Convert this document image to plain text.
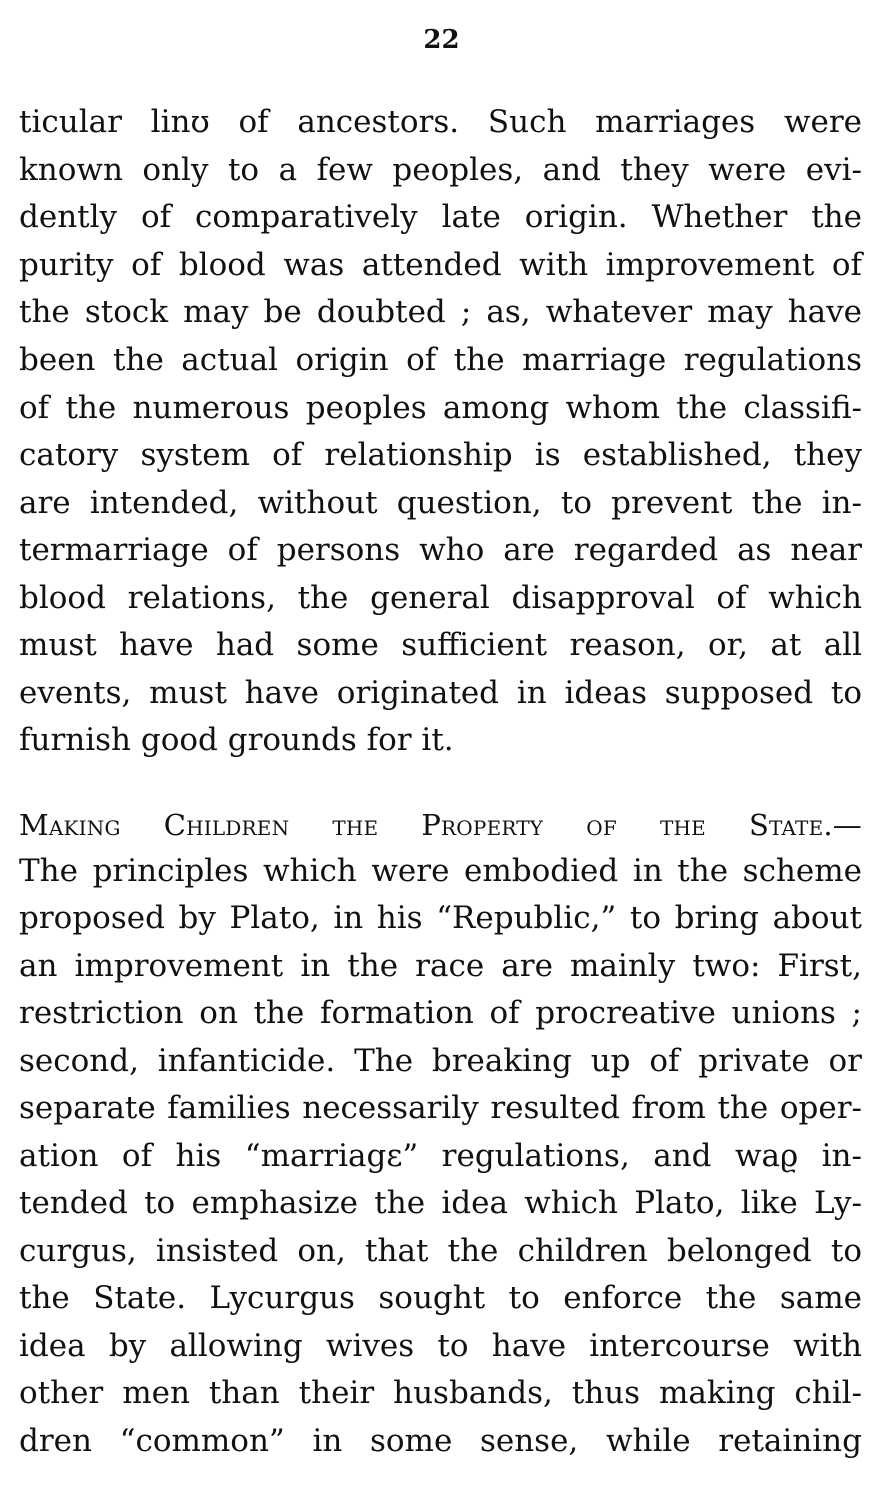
22
ticular linʊ of ancestors. Such marriages were
known only to a few peoples, and they were evi-
dently of comparatively late origin. Whether the
purity of blood was attended with improvement of
the stock may be doubted ; as, whatever may have
been the actual origin of the marriage regulations
of the numerous peoples among whom the classifi-
catory system of relationship is established, they
are intended, without question, to prevent the in-
termarriage of persons who are regarded as near
blood relations, the general disapproval of which
must have had some sufficient reason, or, at all
events, must have originated in ideas supposed to
furnish good grounds for it.
Making Children the Property of the State.—
The principles which were embodied in the scheme
proposed by Plato, in his “Republic,” to bring about
an improvement in the race are mainly two: First,
restriction on the formation of procreative unions ;
second, infanticide. The breaking up of private or
separate families necessarily resulted from the oper-
ation of his “marriagε” regulations, and waϱ in-
tended to emphasize the idea which Plato, like Ly-
curgus, insisted on, that the children belonged to
the State. Lycurgus sought to enforce the same
idea by allowing wives to have intercourse with
other men than their husbands, thus making chil-
dren “common” in some sense, while retaining
